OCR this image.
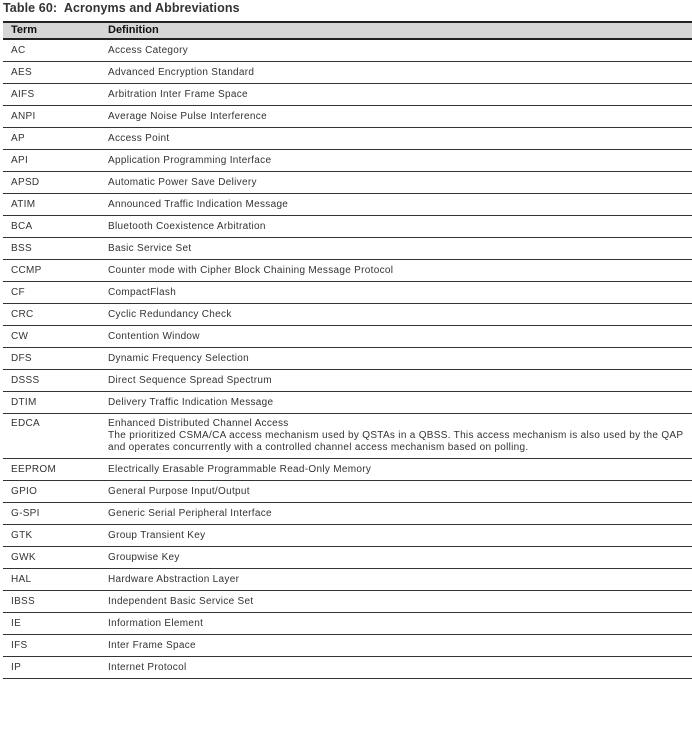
Table 60:  Acronyms and Abbreviations
Term	Definition
AC	Access Category

AES	Advanced Encryption Standard

AIFS	Arbitration Inter Frame Space

ANPI	Average Noise Pulse Interference

AP	Access Point

API	Application Programming Interface

APSD	Automatic Power Save Delivery

ATIM	Announced Traffic Indication Message

BCA	Bluetooth Coexistence Arbitration

BSS	Basic Service Set

CCMP	Counter mode with Cipher Block Chaining Message Protocol

CF	CompactFlash

CRC	Cyclic Redundancy Check

CW	Contention Window

DFS	Dynamic Frequency Selection

DSSS	Direct Sequence Spread Spectrum

DTIM	Delivery Traffic Indication Message

EDCA	Enhanced Distributed Channel Access
The prioritized CSMA/CA access mechanism used by QSTAs in a QBSS. This access mechanism is also used by the QAP and operates concurrently with a controlled channel access mechanism based on polling.

EEPROM	Electrically Erasable Programmable Read-Only Memory

GPIO	General Purpose Input/Output

G-SPI	Generic Serial Peripheral Interface

GTK	Group Transient Key

GWK	Groupwise Key

HAL	Hardware Abstraction Layer

IBSS	Independent Basic Service Set

IE	Information Element

IFS	Inter Frame Space

IP	Internet Protocol
